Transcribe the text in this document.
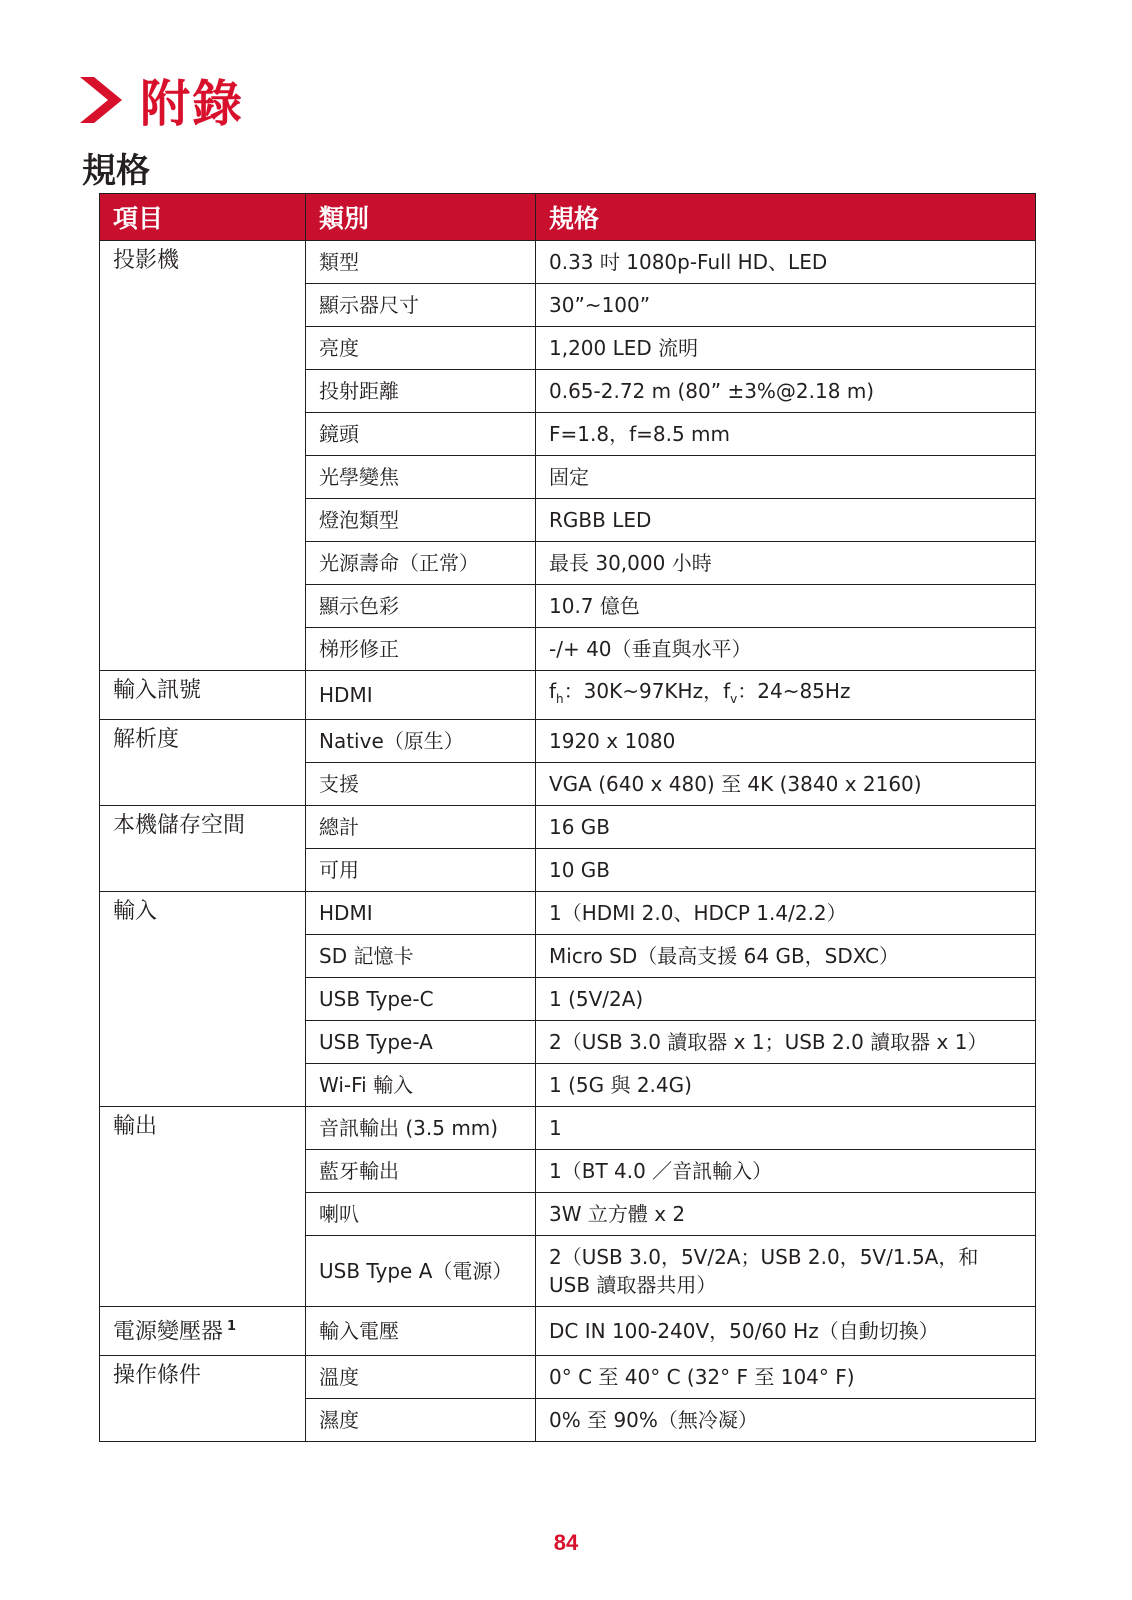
附錄
規格
項目	類別	規格
投影機	類型	0.33 吋 1080p-Full HD、LED
	顯示器尺寸	30”~100”
	亮度	1,200 LED 流明
	投射距離	0.65-2.72 m (80” ±3%@2.18 m)
	鏡頭	F=1.8，f=8.5 mm
	光學變焦	固定
	燈泡類型	RGBB LED
	光源壽命（正常）	最長 30,000 小時
	顯示色彩	10.7 億色
	梯形修正	-/+ 40（垂直與水平）
輸入訊號	HDMI	$f_h$：30K~97KHz，$f_v$：24~85Hz
解析度	Native（原生）	1920 x 1080
	支援	VGA (640 x 480) 至 4K (3840 x 2160)
本機儲存空間	總計	16 GB
	可用	10 GB
輸入	HDMI	1（HDMI 2.0、HDCP 1.4/2.2）
	SD 記憶卡	Micro SD（最高支援 64 GB，SDXC）
	USB Type-C	1 (5V/2A)
	USB Type-A	2（USB 3.0 讀取器 x 1；USB 2.0 讀取器 x 1）
	Wi-Fi 輸入	1 (5G 與 2.4G)
輸出	音訊輸出 (3.5 mm)	1
	藍牙輸出	1（BT 4.0 ／音訊輸入）
	喇叭	3W 立方體 x 2
	USB Type A（電源）	2（USB 3.0，5V/2A；USB 2.0，5V/1.5A，和 USB 讀取器共用）
電源變壓器 $^1$	輸入電壓	DC IN 100-240V，50/60 Hz（自動切換）
操作條件	溫度	0° C 至 40° C (32° F 至 104° F)
	濕度	0% 至 90%（無冷凝）
84
